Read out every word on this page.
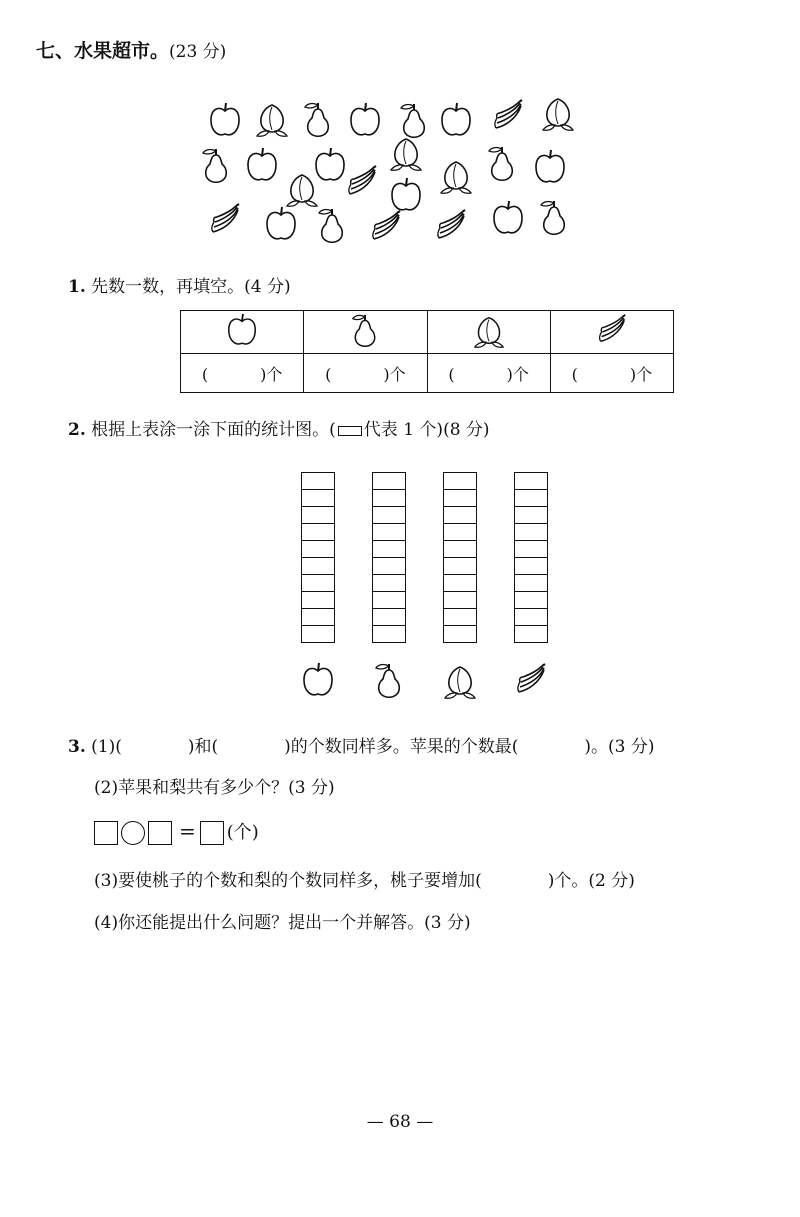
七、水果超市。(23 分)
1. 先数一数，再填空。(4 分)

( )个	( )个	( )个	( )个
2. 根据上表涂一涂下面的统计图。( 代表 1 个)(8 分)
3. (1)(	)和(	)的个数同样多。苹果的个数最(	)。(3 分)
(2)苹果和梨共有多少个？(3 分)
= (个)
(3)要使桃子的个数和梨的个数同样多，桃子要增加(	)个。(2 分)
(4)你还能提出什么问题？提出一个并解答。(3 分)
— 68 —
